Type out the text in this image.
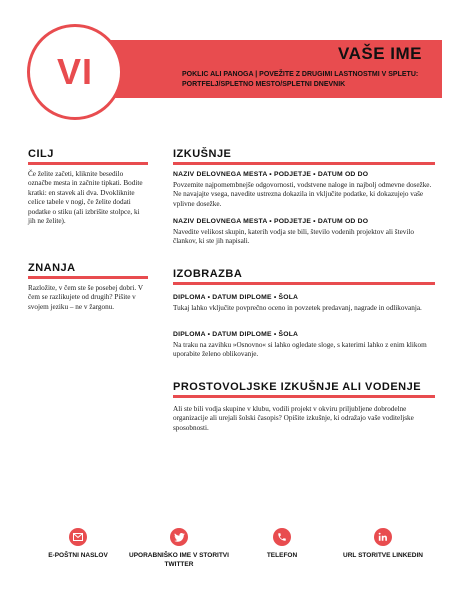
VI	VAŠE IME
POKLIC ALI PANOGA | POVEŽITE Z DRUGIMI LASTNOSTMI V SPLETU: PORTFELJ/SPLETNO MESTO/SPLETNI DNEVNIK
CILJ
Če želite začeti, kliknite besedilo označbe mesta in začnite tipkati. Bodite kratki: en stavek ali dva. Dvokliknite celice tabele v nogi, če želite dodati podatke o stiku (ali izbrišite stolpce, ki jih ne želite).
ZNANJA
Razložite, v čem ste še posebej dobri. V čem se razlikujete od drugih? Pišite v svojem jeziku – ne v žargonu.
IZKUŠNJE
NAZIV DELOVNEGA MESTA • PODJETJE • DATUM OD DO
Povzemite najpomembnejše odgovornosti, vodstvene naloge in najbolj odmevne dosežke. Ne navajajte vsega, navedite ustrezna dokazila in vključite podatke, ki dokazujejo vaše vplivne dosežke.
NAZIV DELOVNEGA MESTA • PODJETJE • DATUM OD DO
Navedite velikost skupin, katerih vodja ste bili, število vodenih projektov ali število člankov, ki ste jih napisali.
IZOBRAZBA
DIPLOMA • DATUM DIPLOME • ŠOLA
Tukaj lahko vključite povprečno oceno in povzetek predavanj, nagrade in odlikovanja.
DIPLOMA • DATUM DIPLOME • ŠOLA
Na traku na zavihku »Osnovno« si lahko ogledate sloge, s katerimi lahko z enim klikom uporabite želeno oblikovanje.
PROSTOVOLJSKE IZKUŠNJE ALI VODENJE
Ali ste bili vodja skupine v klubu, vodili projekt v okviru priljubljene dobrodelne organizacije ali urejali šolski časopis? Opišite izkušnje, ki odražajo vaše voditeljske sposobnosti.
E-POŠTNI NASLOV	UPORABNIŠKO IME V STORITVI TWITTER
TELEFON	URL STORITVE LINKEDIN
